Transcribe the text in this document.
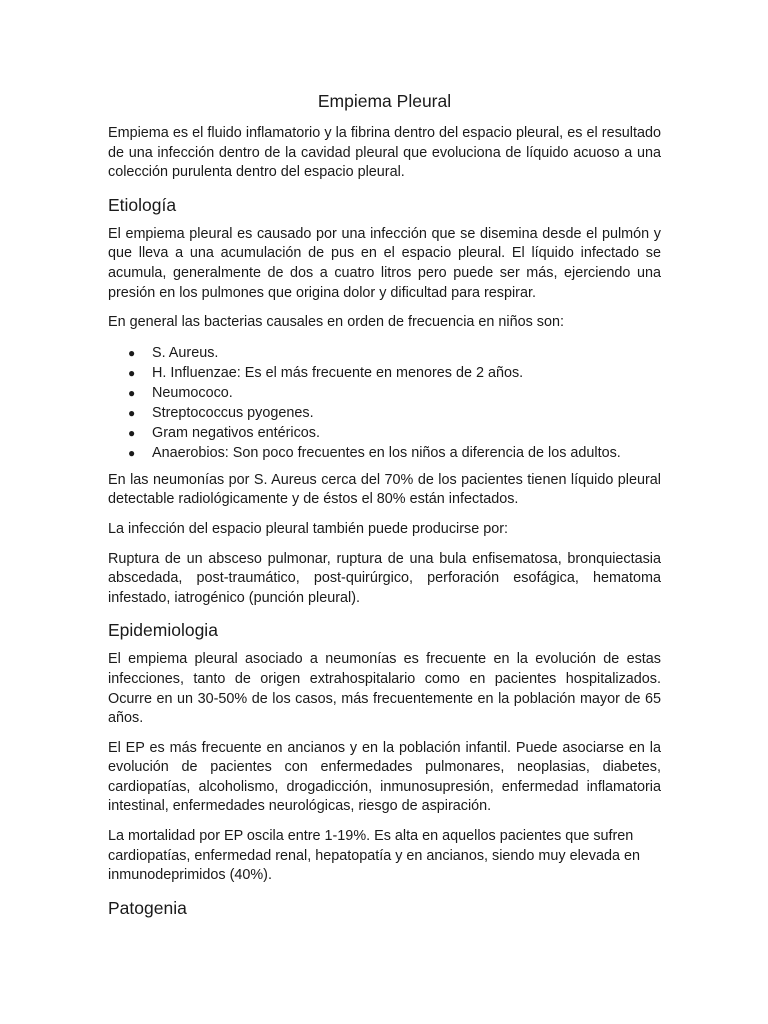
Empiema Pleural

Empiema es el fluido inflamatorio y la fibrina dentro del espacio pleural, es el resultado de una infección dentro de la cavidad pleural que evoluciona de líquido acuoso a una colección purulenta dentro del espacio pleural.

Etiología

El empiema pleural es causado por una infección que se disemina desde el pulmón y que lleva a una acumulación de pus en el espacio pleural. El líquido infectado se acumula, generalmente de dos a cuatro litros pero puede ser más, ejerciendo una presión en los pulmones que origina dolor y dificultad para respirar.

En general las bacterias causales en orden de frecuencia en niños son:

● S. Aureus.
● H. Influenzae: Es el más frecuente en menores de 2 años.
● Neumococo.
● Streptococcus pyogenes.
● Gram negativos entéricos.
● Anaerobios: Son poco frecuentes en los niños a diferencia de los adultos.

En las neumonías por S. Aureus cerca del 70% de los pacientes tienen líquido pleural detectable radiológicamente y de éstos el 80% están infectados.

La infección del espacio pleural también puede producirse por:

Ruptura de un absceso pulmonar, ruptura de una bula enfisematosa, bronquiectasia abscedada, post-traumático, post-quirúrgico, perforación esofágica, hematoma infestado, iatrogénico (punción pleural).

Epidemiologia

El empiema pleural asociado a neumonías es frecuente en la evolución de estas infecciones, tanto de origen extrahospitalario como en pacientes hospitalizados. Ocurre en un 30-50% de los casos, más frecuentemente en la población mayor de 65 años.

El EP es más frecuente en ancianos y en la población infantil. Puede asociarse en la evolución de pacientes con enfermedades pulmonares, neoplasias, diabetes, cardiopatías, alcoholismo, drogadicción, inmunosupresión, enfermedad inflamatoria intestinal, enfermedades neurológicas, riesgo de aspiración.

La mortalidad por EP oscila entre 1-19%. Es alta en aquellos pacientes que sufren cardiopatías, enfermedad renal, hepatopatía y en ancianos, siendo muy elevada en inmunodeprimidos (40%).

Patogenia
